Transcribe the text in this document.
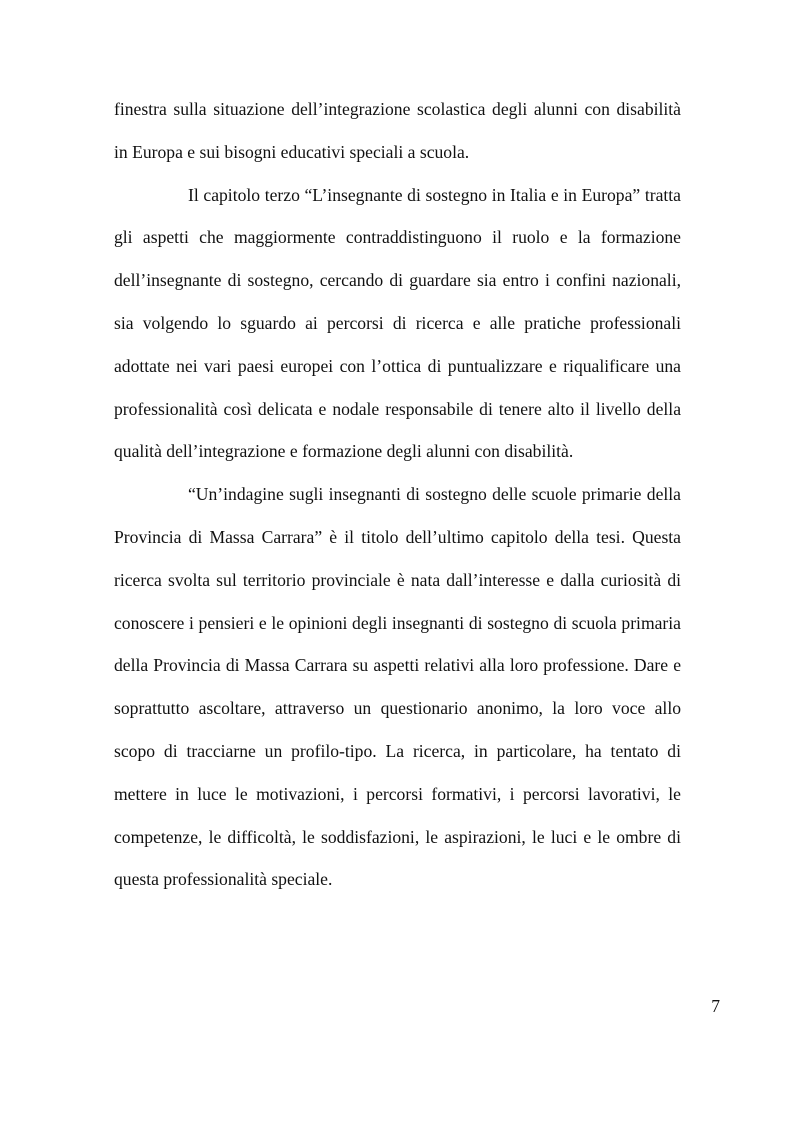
finestra sulla situazione dell’integrazione scolastica degli alunni con disabilità in Europa e sui bisogni educativi speciali a scuola.

Il capitolo terzo “L’insegnante di sostegno in Italia e in Europa” tratta gli aspetti che maggiormente contraddistinguono il ruolo e la formazione dell’insegnante di sostegno, cercando di guardare sia entro i confini nazionali, sia volgendo lo sguardo ai percorsi di ricerca e alle pratiche professionali adottate nei vari paesi europei con l’ottica di puntualizzare e riqualificare una professionalità così delicata e nodale responsabile di tenere alto il livello della qualità dell’integrazione e formazione degli alunni con disabilità.

“Un’indagine sugli insegnanti di sostegno delle scuole primarie della Provincia di Massa Carrara” è il titolo dell’ultimo capitolo della tesi. Questa ricerca svolta sul territorio provinciale è nata dall’interesse e dalla curiosità di conoscere i pensieri e le opinioni degli insegnanti di sostegno di scuola primaria della Provincia di Massa Carrara su aspetti relativi alla loro professione. Dare e soprattutto ascoltare, attraverso un questionario anonimo, la loro voce allo scopo di tracciarne un profilo-tipo. La ricerca, in particolare, ha tentato di mettere in luce le motivazioni, i percorsi formativi, i percorsi lavorativi, le competenze, le difficoltà, le soddisfazioni, le aspirazioni, le luci e le ombre di questa professionalità speciale.

7
